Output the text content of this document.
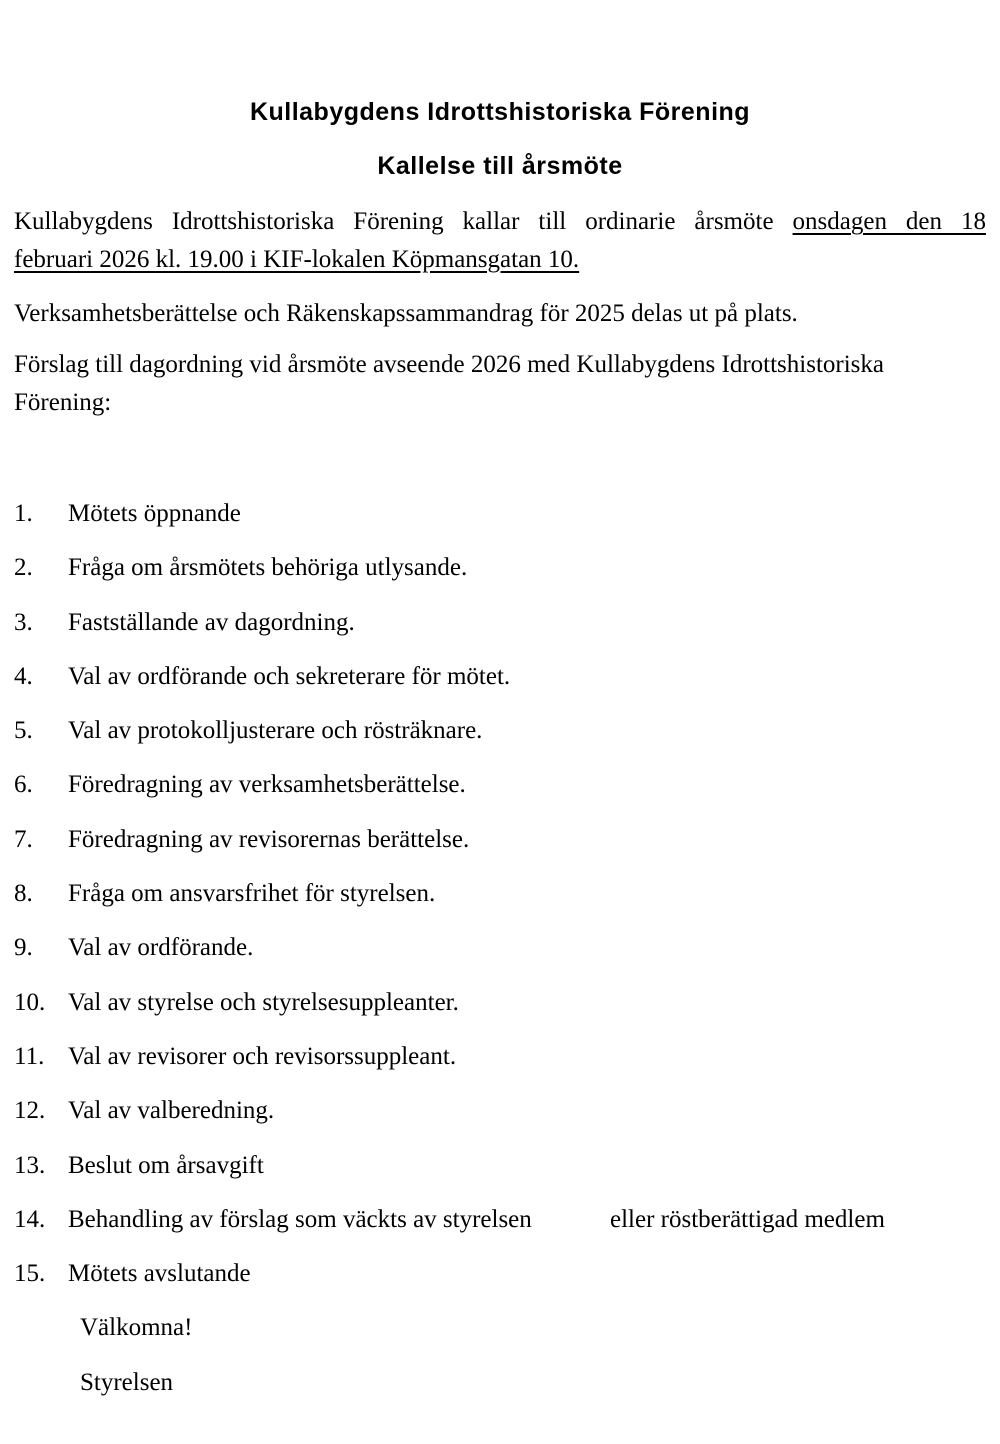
Kullabygdens Idrottshistoriska Förening
Kallelse till årsmöte
Kullabygdens Idrottshistoriska Förening kallar till ordinarie årsmöte onsdagen den 18
februari 2026 kl. 19.00 i KIF-lokalen Köpmansgatan 10.
Verksamhetsberättelse och Räkenskapssammandrag för 2025 delas ut på plats.
Förslag till dagordning vid årsmöte avseende 2026 med Kullabygdens Idrottshistoriska
Förening:
1. Mötets öppnande
2. Fråga om årsmötets behöriga utlysande.
3. Fastställande av dagordning.
4. Val av ordförande och sekreterare för mötet.
5. Val av protokolljusterare och rösträknare.
6. Föredragning av verksamhetsberättelse.
7. Föredragning av revisorernas berättelse.
8. Fråga om ansvarsfrihet för styrelsen.
9. Val av ordförande.
10. Val av styrelse och styrelsesuppleanter.
11. Val av revisorer och revisorssuppleant.
12. Val av valberedning.
13. Beslut om årsavgift
14. Behandling av förslag som väckts av styrelsen	eller röstberättigad medlem
15. Mötets avslutande
Välkomna!
Styrelsen
